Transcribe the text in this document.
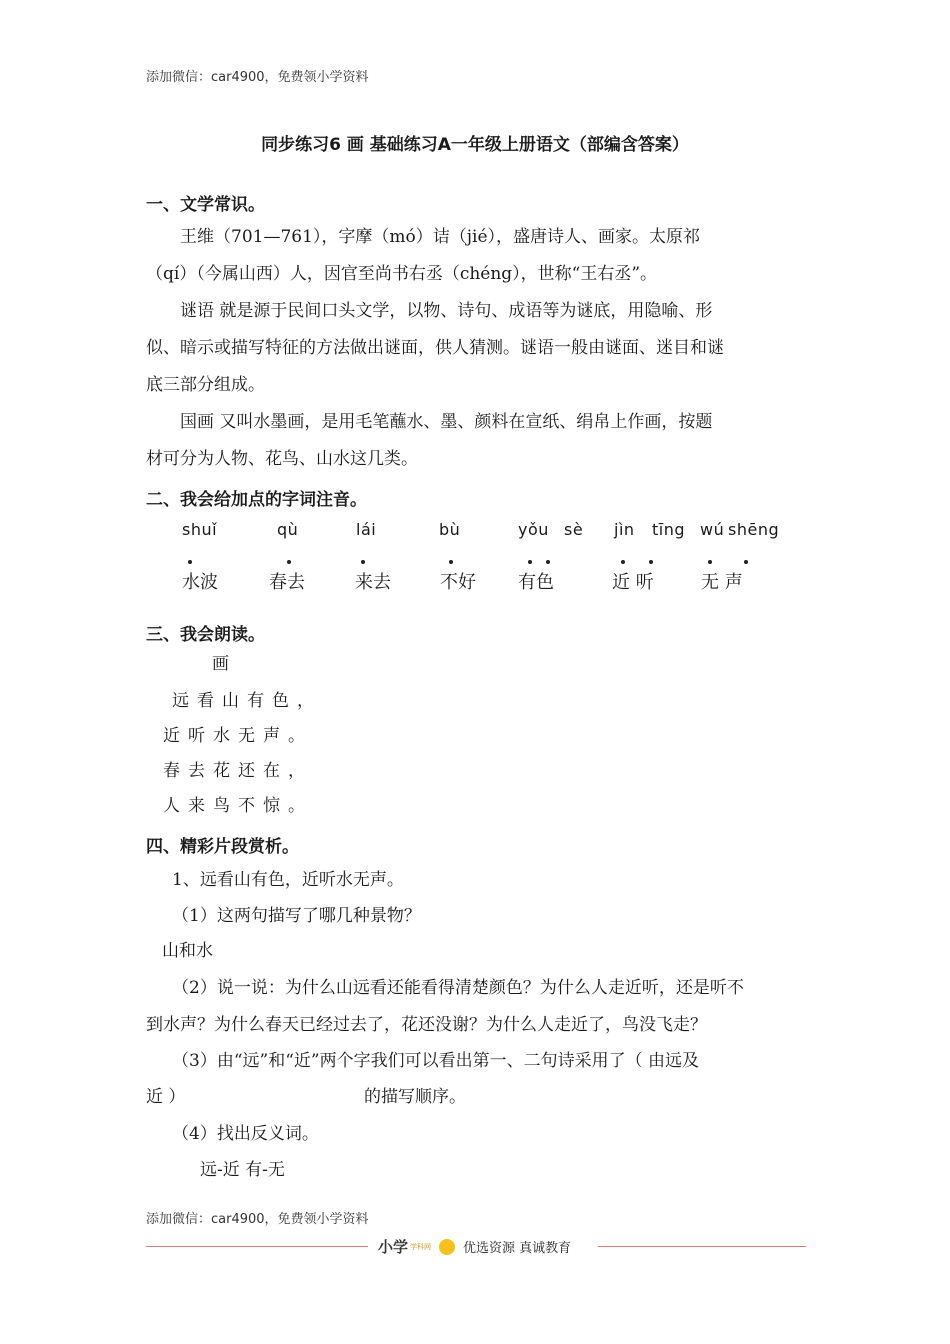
添加微信：car4900，免费领小学资料
同步练习6 画 基础练习A一年级上册语文（部编含答案）
一、文学常识。
王维（701—761），字摩（mó）诘（jié），盛唐诗人、画家。太原祁
（qí）（今属山西）人，因官至尚书右丞（chéng），世称“王右丞”。
谜语 就是源于民间口头文学，以物、诗句、成语等为谜底，用隐喻、形
似、暗示或描写特征的方法做出谜面，供人猜测。谜语一般由谜面、迷目和谜
底三部分组成。
国画 又叫水墨画，是用毛笔蘸水、墨、颜料在宣纸、绢帛上作画，按题
材可分为人物、花鸟、山水这几类。
二、我会给加点的字词注音。
shuǐ	qù	lái	bù	yǒu sè jìn tīng wú shēng
水波	春去	来去	不好 有色	近 听	无 声
三、我会朗读。
画
远看山有色，
近听水无声。
春去花还在，
人来鸟不惊。
四、精彩片段赏析。
1、远看山有色，近听水无声。
（1）这两句描写了哪几种景物？
山和水
（2）说一说：为什么山远看还能看得清楚颜色？为什么人走近听，还是听不
到水声？为什么春天已经过去了，花还没谢？为什么人走近了，鸟没飞走？
（3）由“远”和“近”两个字我们可以看出第一、二句诗采用了（ 由远及
近 ）	的描写顺序。
（4）找出反义词。
远-近 有-无
添加微信：car4900，免费领小学资料
小学 学科网 优选资源 真诚教育
